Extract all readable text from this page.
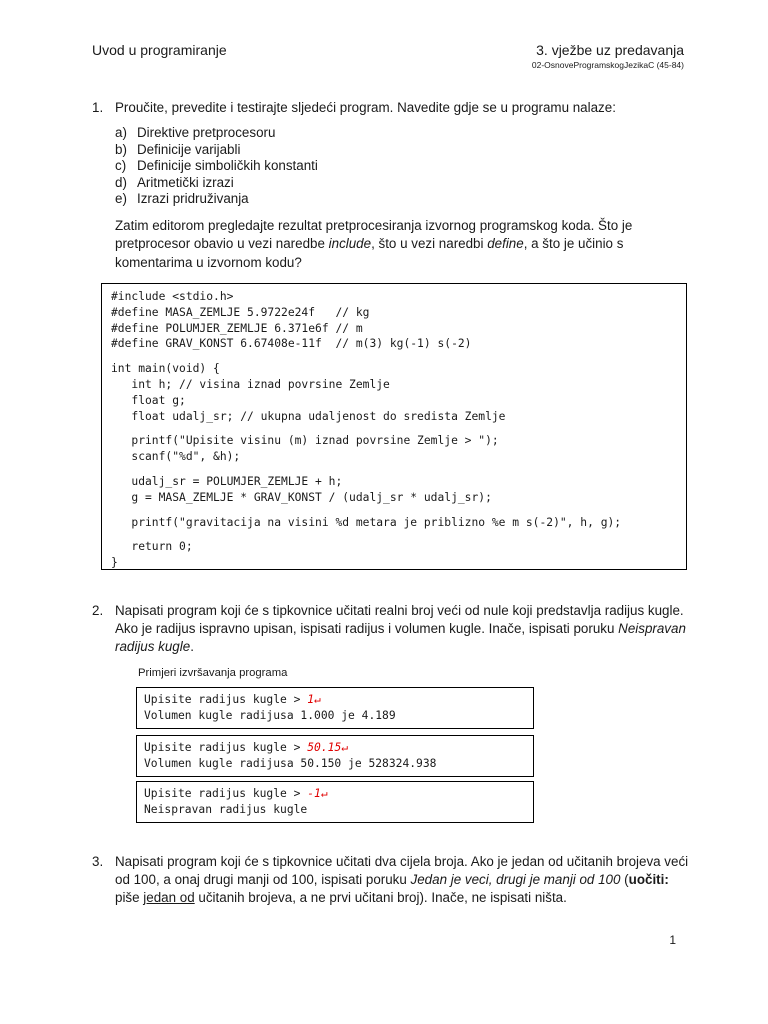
Uvod u programiranje	3. vježbe uz predavanja
02-OsnoveProgramskogJezikaC (45-84)
1. Proučite, prevedite i testirajte sljedeći program. Navedite gdje se u programu nalaze:
a) Direktive pretprocesoru
b) Definicije varijabli
c) Definicije simboličkih konstanti
d) Aritmetički izrazi
e) Izrazi pridruživanja
Zatim editorom pregledajte rezultat pretprocesiranja izvornog programskog koda. Što je pretprocesor obavio u vezi naredbe include, što u vezi naredbi define, a što je učinio s komentarima u izvornom kodu?
#include <stdio.h>
#define MASA_ZEMLJE 5.9722e24f   // kg
#define POLUMJER_ZEMLJE 6.371e6f // m
#define GRAV_KONST 6.67408e-11f  // m(3) kg(-1) s(-2)
int main(void) {
int h; // visina iznad povrsine Zemlje
float g;
float udalj_sr; // ukupna udaljenost do sredista Zemlje
printf("Upisite visinu (m) iznad povrsine Zemlje > ");
scanf("%d", &h);
udalj_sr = POLUMJER_ZEMLJE + h;
g = MASA_ZEMLJE * GRAV_KONST / (udalj_sr * udalj_sr);
printf("gravitacija na visini %d metara je priblizno %e m s(-2)", h, g);
return 0;
}
2. Napisati program koji će s tipkovnice učitati realni broj veći od nule koji predstavlja radijus kugle. Ako je radijus ispravno upisan, ispisati radijus i volumen kugle. Inače, ispisati poruku Neispravan radijus kugle.
Primjeri izvršavanja programa
Upisite radijus kugle > 1↵
Volumen kugle radijusa 1.000 je 4.189
Upisite radijus kugle > 50.15↵
Volumen kugle radijusa 50.150 je 528324.938
Upisite radijus kugle > -1↵
Neispravan radijus kugle
3. Napisati program koji će s tipkovnice učitati dva cijela broja. Ako je jedan od učitanih brojeva veći od 100, a onaj drugi manji od 100, ispisati poruku Jedan je veci, drugi je manji od 100 (uočiti: piše jedan od učitanih brojeva, a ne prvi učitani broj). Inače, ne ispisati ništa.
1
